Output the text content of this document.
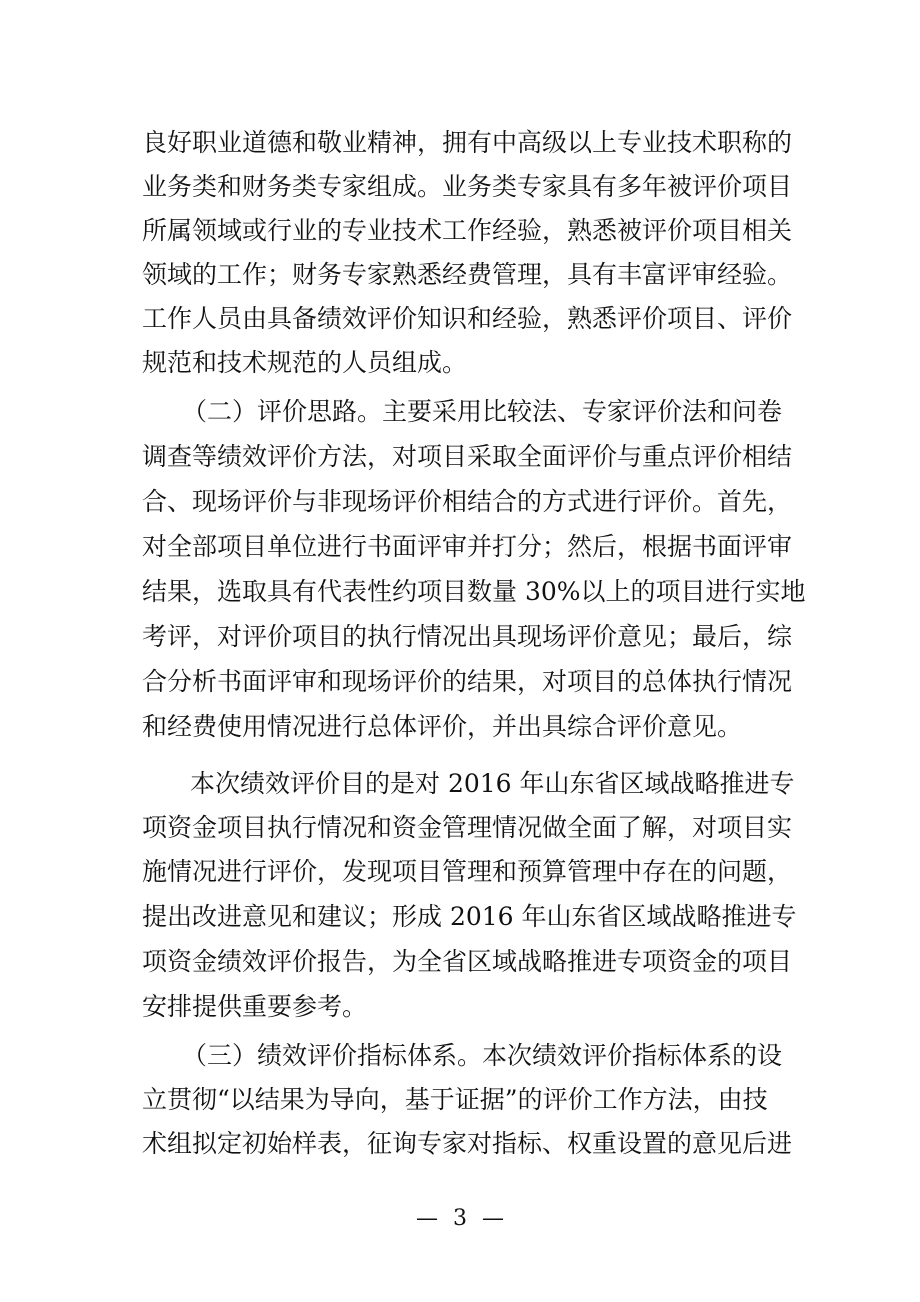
良好职业道德和敬业精神，拥有中高级以上专业技术职称的
业务类和财务类专家组成。业务类专家具有多年被评价项目
所属领域或行业的专业技术工作经验，熟悉被评价项目相关
领域的工作；财务专家熟悉经费管理，具有丰富评审经验。
工作人员由具备绩效评价知识和经验，熟悉评价项目、评价
规范和技术规范的人员组成。
（二）评价思路。主要采用比较法、专家评价法和问卷
调查等绩效评价方法，对项目采取全面评价与重点评价相结
合、现场评价与非现场评价相结合的方式进行评价。首先，
对全部项目单位进行书面评审并打分；然后，根据书面评审
结果，选取具有代表性约项目数量 30%以上的项目进行实地
考评，对评价项目的执行情况出具现场评价意见；最后，综
合分析书面评审和现场评价的结果，对项目的总体执行情况
和经费使用情况进行总体评价，并出具综合评价意见。
本次绩效评价目的是对 2016 年山东省区域战略推进专
项资金项目执行情况和资金管理情况做全面了解，对项目实
施情况进行评价，发现项目管理和预算管理中存在的问题，
提出改进意见和建议；形成 2016 年山东省区域战略推进专
项资金绩效评价报告，为全省区域战略推进专项资金的项目
安排提供重要参考。
（三）绩效评价指标体系。本次绩效评价指标体系的设
立贯彻“以结果为导向，基于证据”的评价工作方法，由技
术组拟定初始样表，征询专家对指标、权重设置的意见后进
— 3 —
